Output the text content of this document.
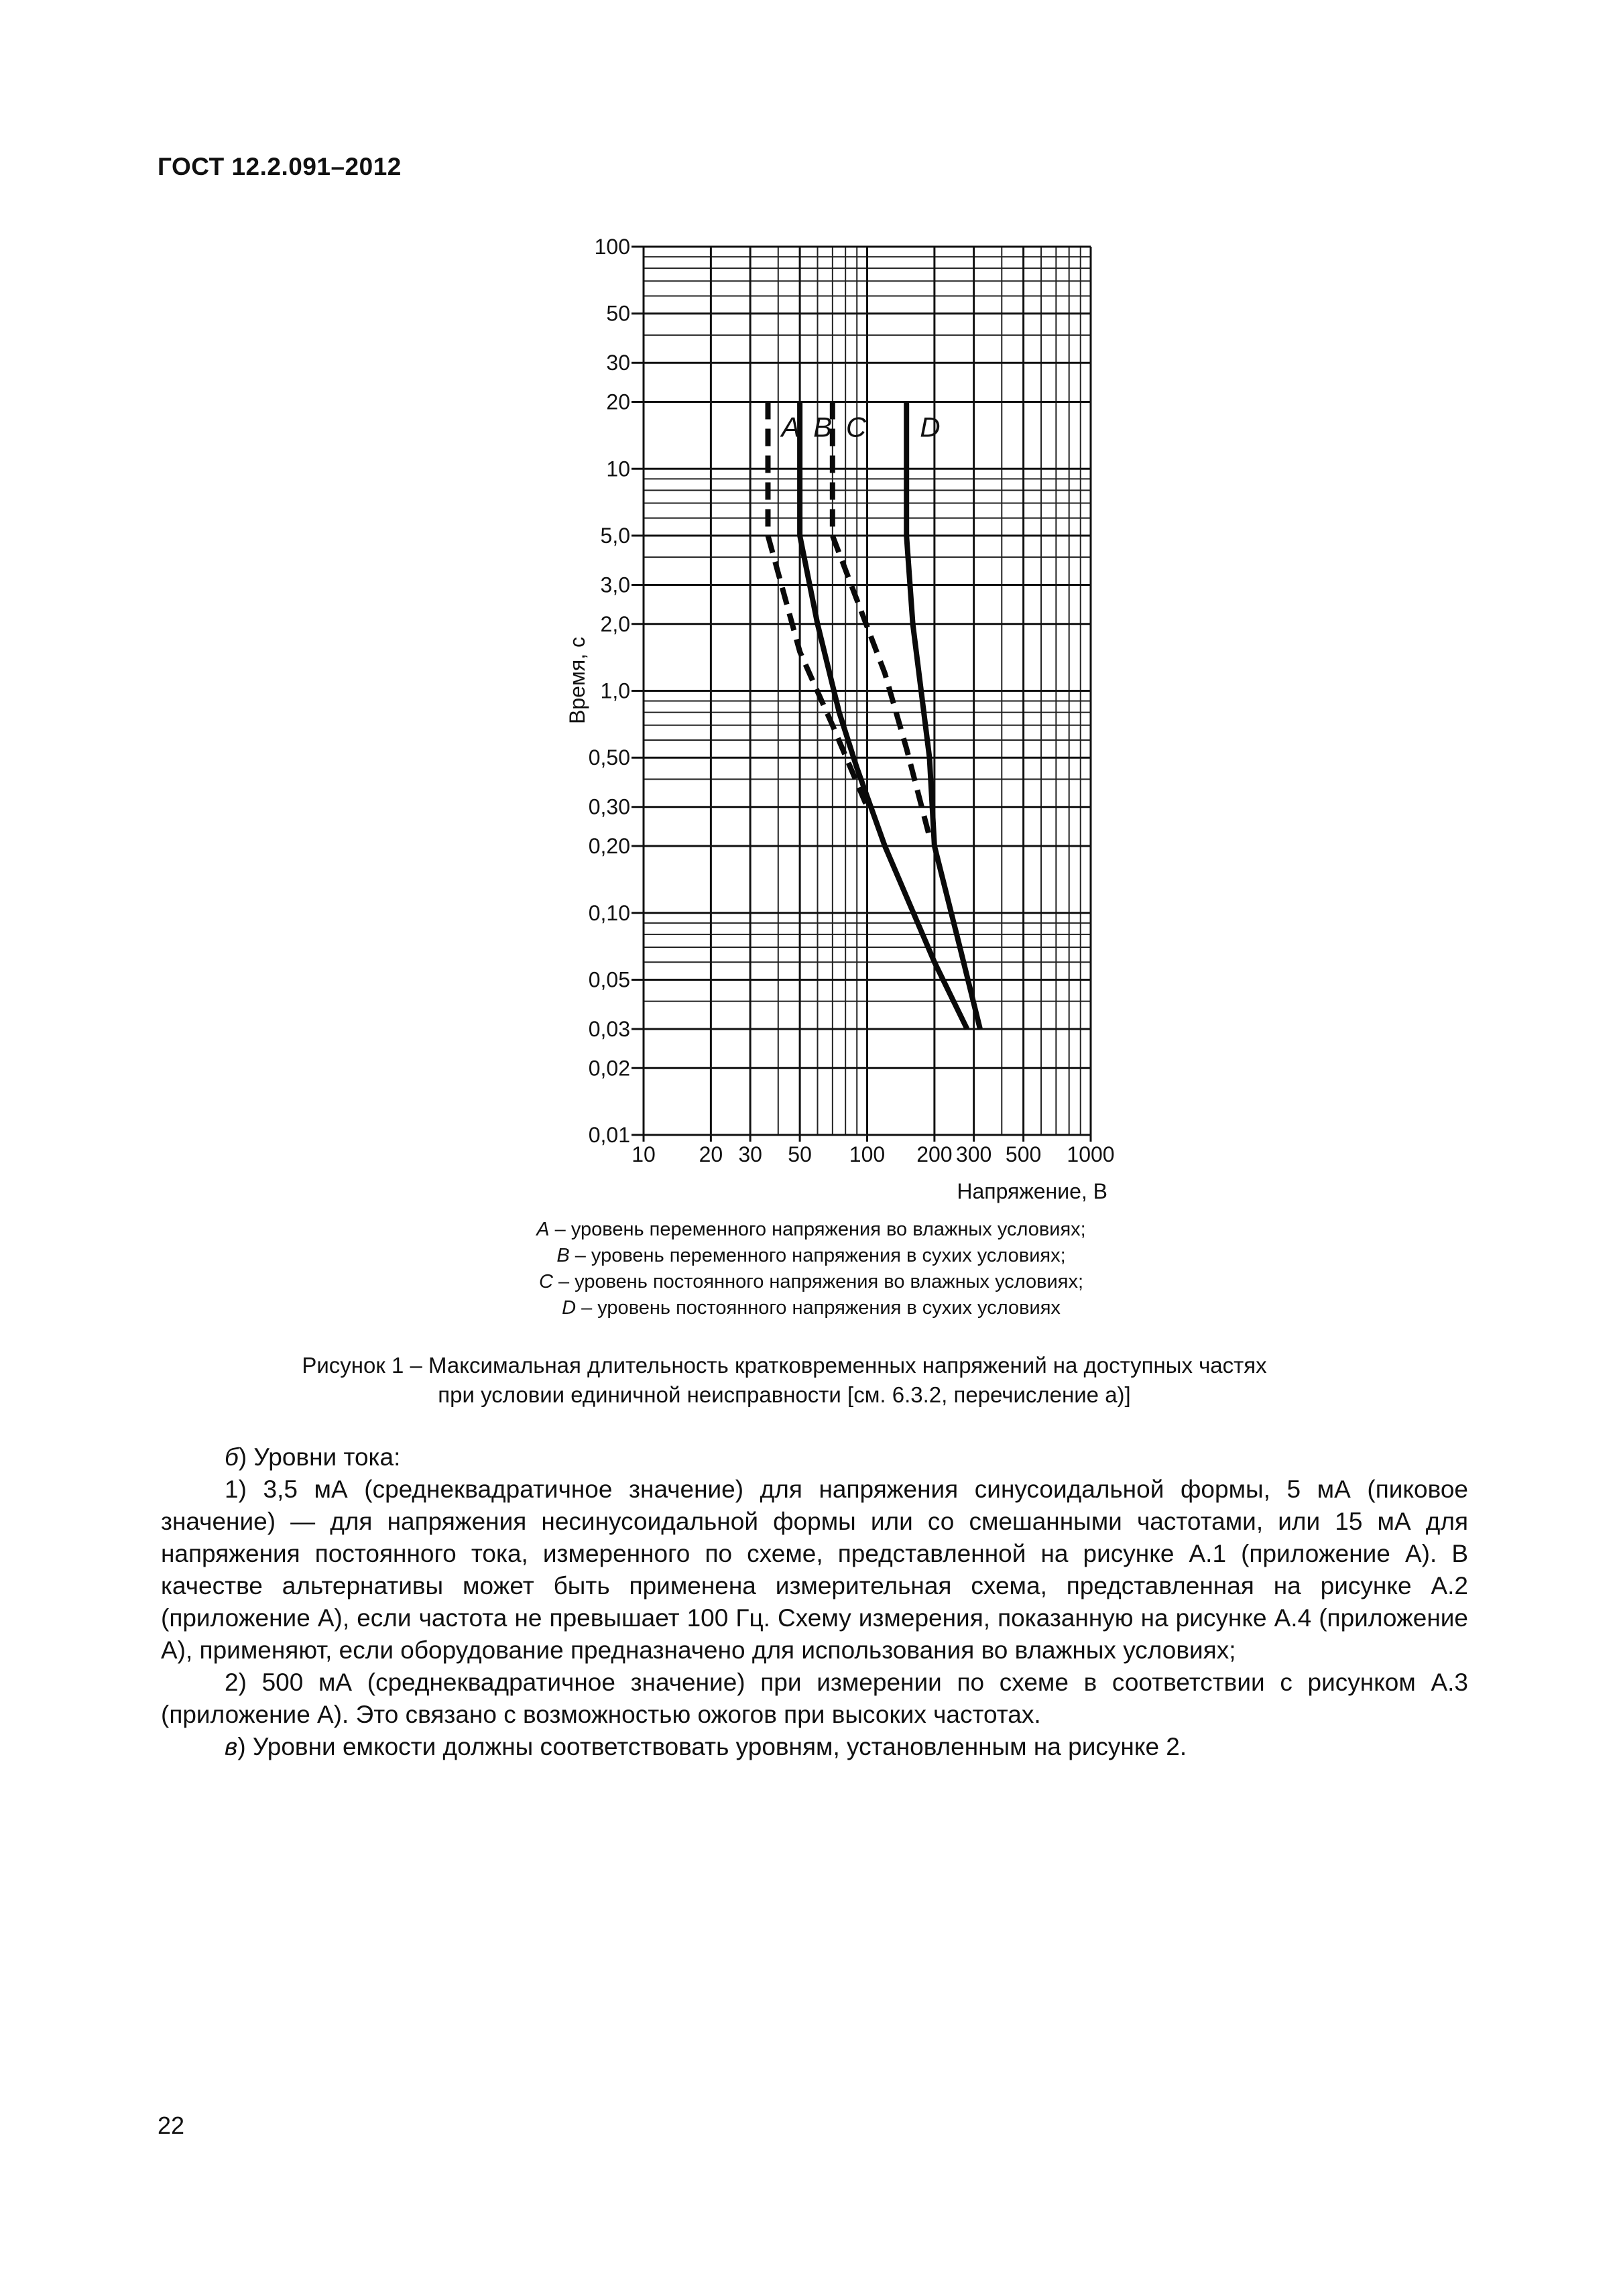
ГОСТ 12.2.091–2012
10 20 30 50 100 200 300 500 1000
100
50
30
20
10
5,0
3,0
2,0
1,0
0,50
0,30
0,20
0,10
0,05
0,03
0,02
0,01
A B C D
Напряжение, В
Время, с
A – уровень переменного напряжения во влажных условиях;
B – уровень переменного напряжения в сухих условиях;
C – уровень постоянного напряжения во влажных условиях;
D – уровень постоянного напряжения в сухих условиях
Рисунок 1 – Максимальная длительность кратковременных напряжений на доступных частях
при условии единичной неисправности [см. 6.3.2, перечисление а)]

б) Уровни тока:

1) 3,5 мА (среднеквадратичное значение) для напряжения синусоидальной формы, 5 мА (пиковое значение) — для напряжения несинусоидальной формы или со смешанными частотами, или 15 мА для напряжения постоянного тока, измеренного по схеме, представленной на рисунке А.1 (приложение А). В качестве альтернативы может быть применена измерительная схема, представленная на рисунке А.2 (приложение А), если частота не превышает 100 Гц. Схему измерения, показанную на рисунке А.4 (приложение А), применяют, если оборудование предназначено для использования во влажных условиях;

2) 500 мА (среднеквадратичное значение) при измерении по схеме в соответствии с рисунком А.3 (приложение А). Это связано с возможностью ожогов при высоких частотах.

в) Уровни емкости должны соответствовать уровням, установленным на рисунке 2.

22
